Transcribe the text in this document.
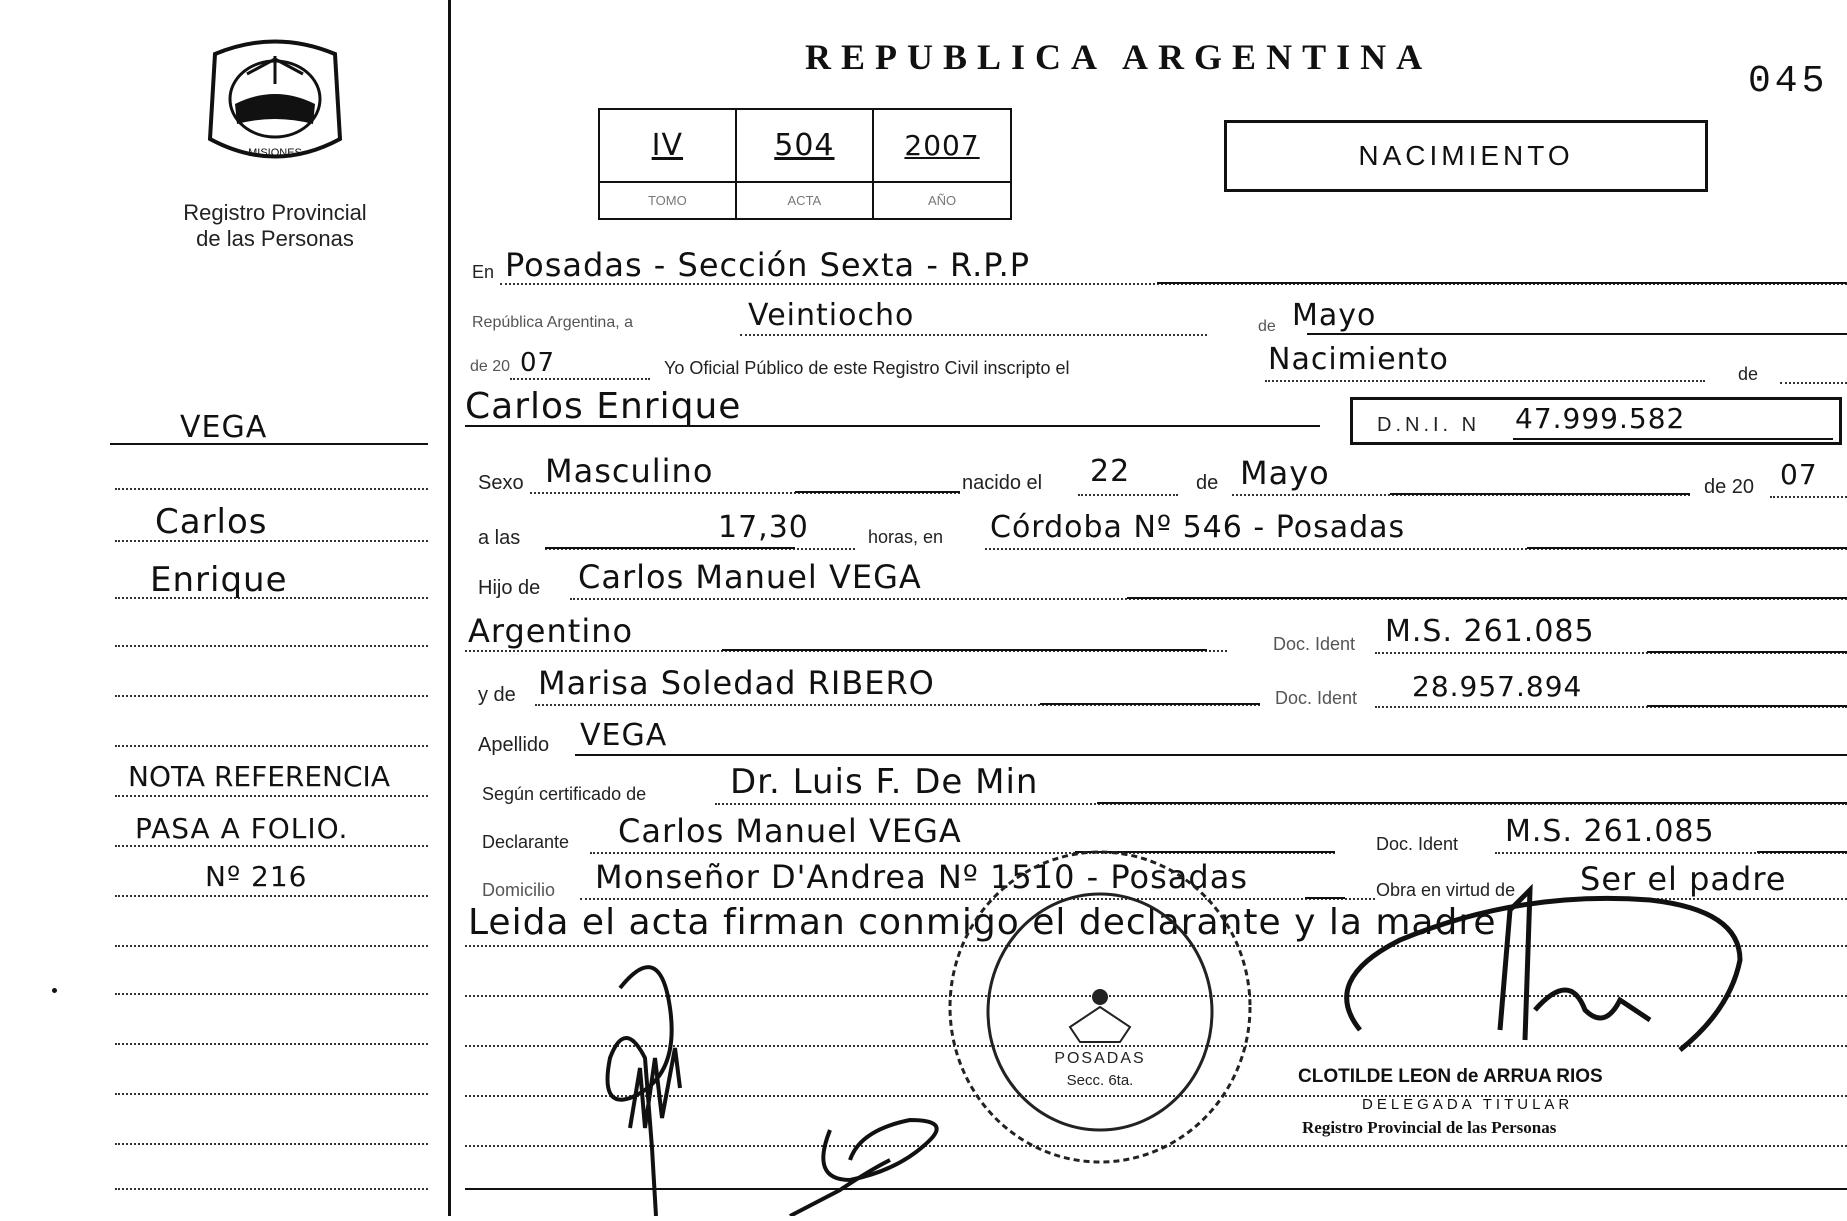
MISIONES
Registro Provincial
de las Personas
VEGA
Carlos
Enrique
NOTA REFERENCIA
PASA A FOLIO.
Nº 216
REPUBLICA ARGENTINA
045
IV	504	2007
TOMO	ACTA	AÑO
NACIMIENTO
En Posadas - Sección Sexta - R.P.P
República Argentina, a	Veintiocho	de Mayo
de 20 07	Yo Oficial Público de este Registro Civil inscripto el	Nacimiento	de
Carlos Enrique	D.N.I. N 47.999.582
Sexo Masculino	nacido el 22	de Mayo	de 20 07
a las	17,30	horas, en Córdoba Nº 546 - Posadas
Hijo de Carlos Manuel VEGA
Argentino	Doc. Ident M.S. 261.085
y de Marisa Soledad RIBERO	Doc. Ident 28.957.894
Apellido VEGA
Según certificado de Dr. Luis F. De Min
Declarante Carlos Manuel VEGA	Doc. Ident M.S. 261.085
Domicilio Monseñor D'Andrea Nº 1510 - Posadas	Obra en virtud de Ser el padre
Leida el acta firman conmigo el declarante y la madre
POSADAS
Secc. 6ta.	CLOTILDE LEON de ARRUA RIOS
DELEGADA TITULAR
Registro Provincial de las Personas
